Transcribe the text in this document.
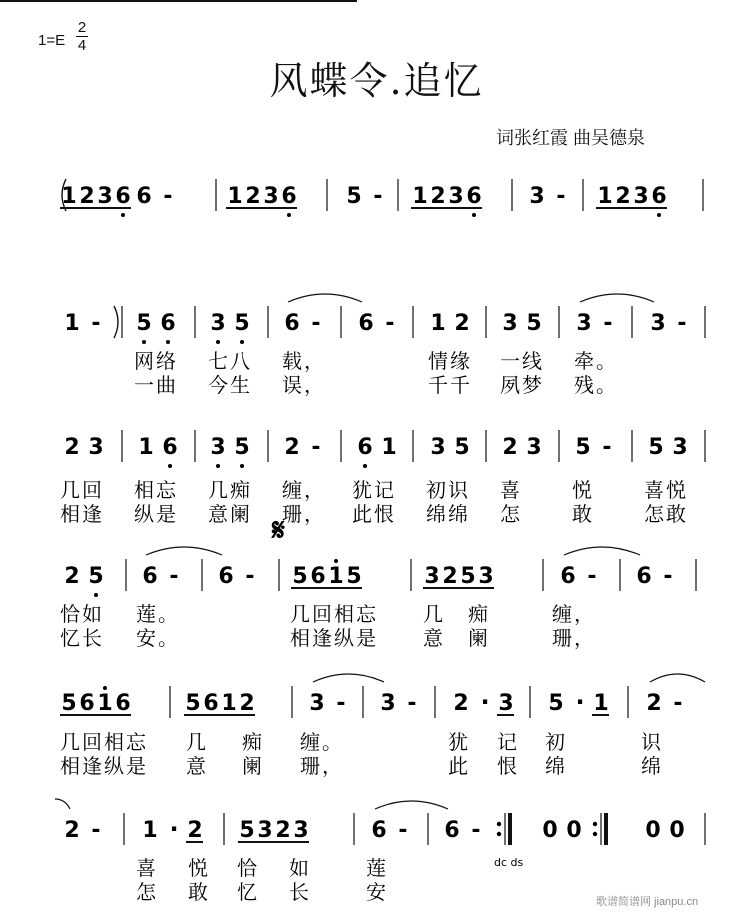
1=E
2
4
风蝶令.追忆
词张红霞 曲吴德泉
1 2 3 6 6 - 1 2 3 6 5 - 1 2 3 6 3 - 1 2 3 6
1 - 5 6 3 5 6 - 6 - 1 2 3 5 3 - 3 -
网络 七八 载，	情缘 一线 牵。
一曲 今生 误，	千千 夙梦 残。
2 3 1 6 3 5 2 - 6 1 3 5 2 3 5 - 5 3
几回 相忘 几痴 缠， 犹记 初识 喜	悦	喜悦
相逢 纵是 意阑 珊， 此恨 绵绵 怎	敢	怎敢
2 5 6 - 6 - 5 6 1 5	3 2 5 3	6 - 6 -
恰如 莲。	几回相忘 几 痴	缠，
忆长 安。	相逢纵是 意 阑	珊，
5 6 1 6 5 6 1 2 3 - 3 - 2 · 3 5 · 1 2 -
几回相忘 几 痴 缠。	犹 记 初	识
相逢纵是 意 阑 珊，	此 恨 绵	绵
2 - 1 · 2 5 3 2 3	6 - 6 -	0 0	0 0
喜 悦 恰 如	莲
怎 敢 忆 长	安
𝄋
dc ds
歌谱简谱网 jianpu.cn
